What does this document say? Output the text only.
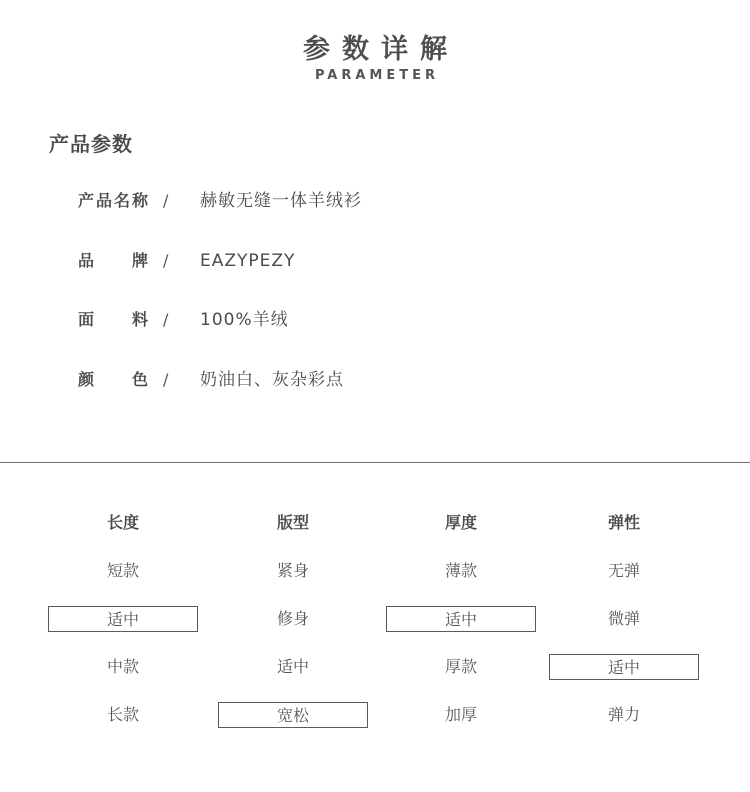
参数详解
PARAMETER
产品参数
产品名称 / 赫敏无缝一体羊绒衫
品牌 / EAZYPEZY
面料 / 100%羊绒
颜色 / 奶油白、灰杂彩点
长度
短款
适中
中款
长款
版型
紧身
修身
适中
宽松
厚度
薄款
适中
厚款
加厚
弹性
无弹
微弹
适中
弹力
